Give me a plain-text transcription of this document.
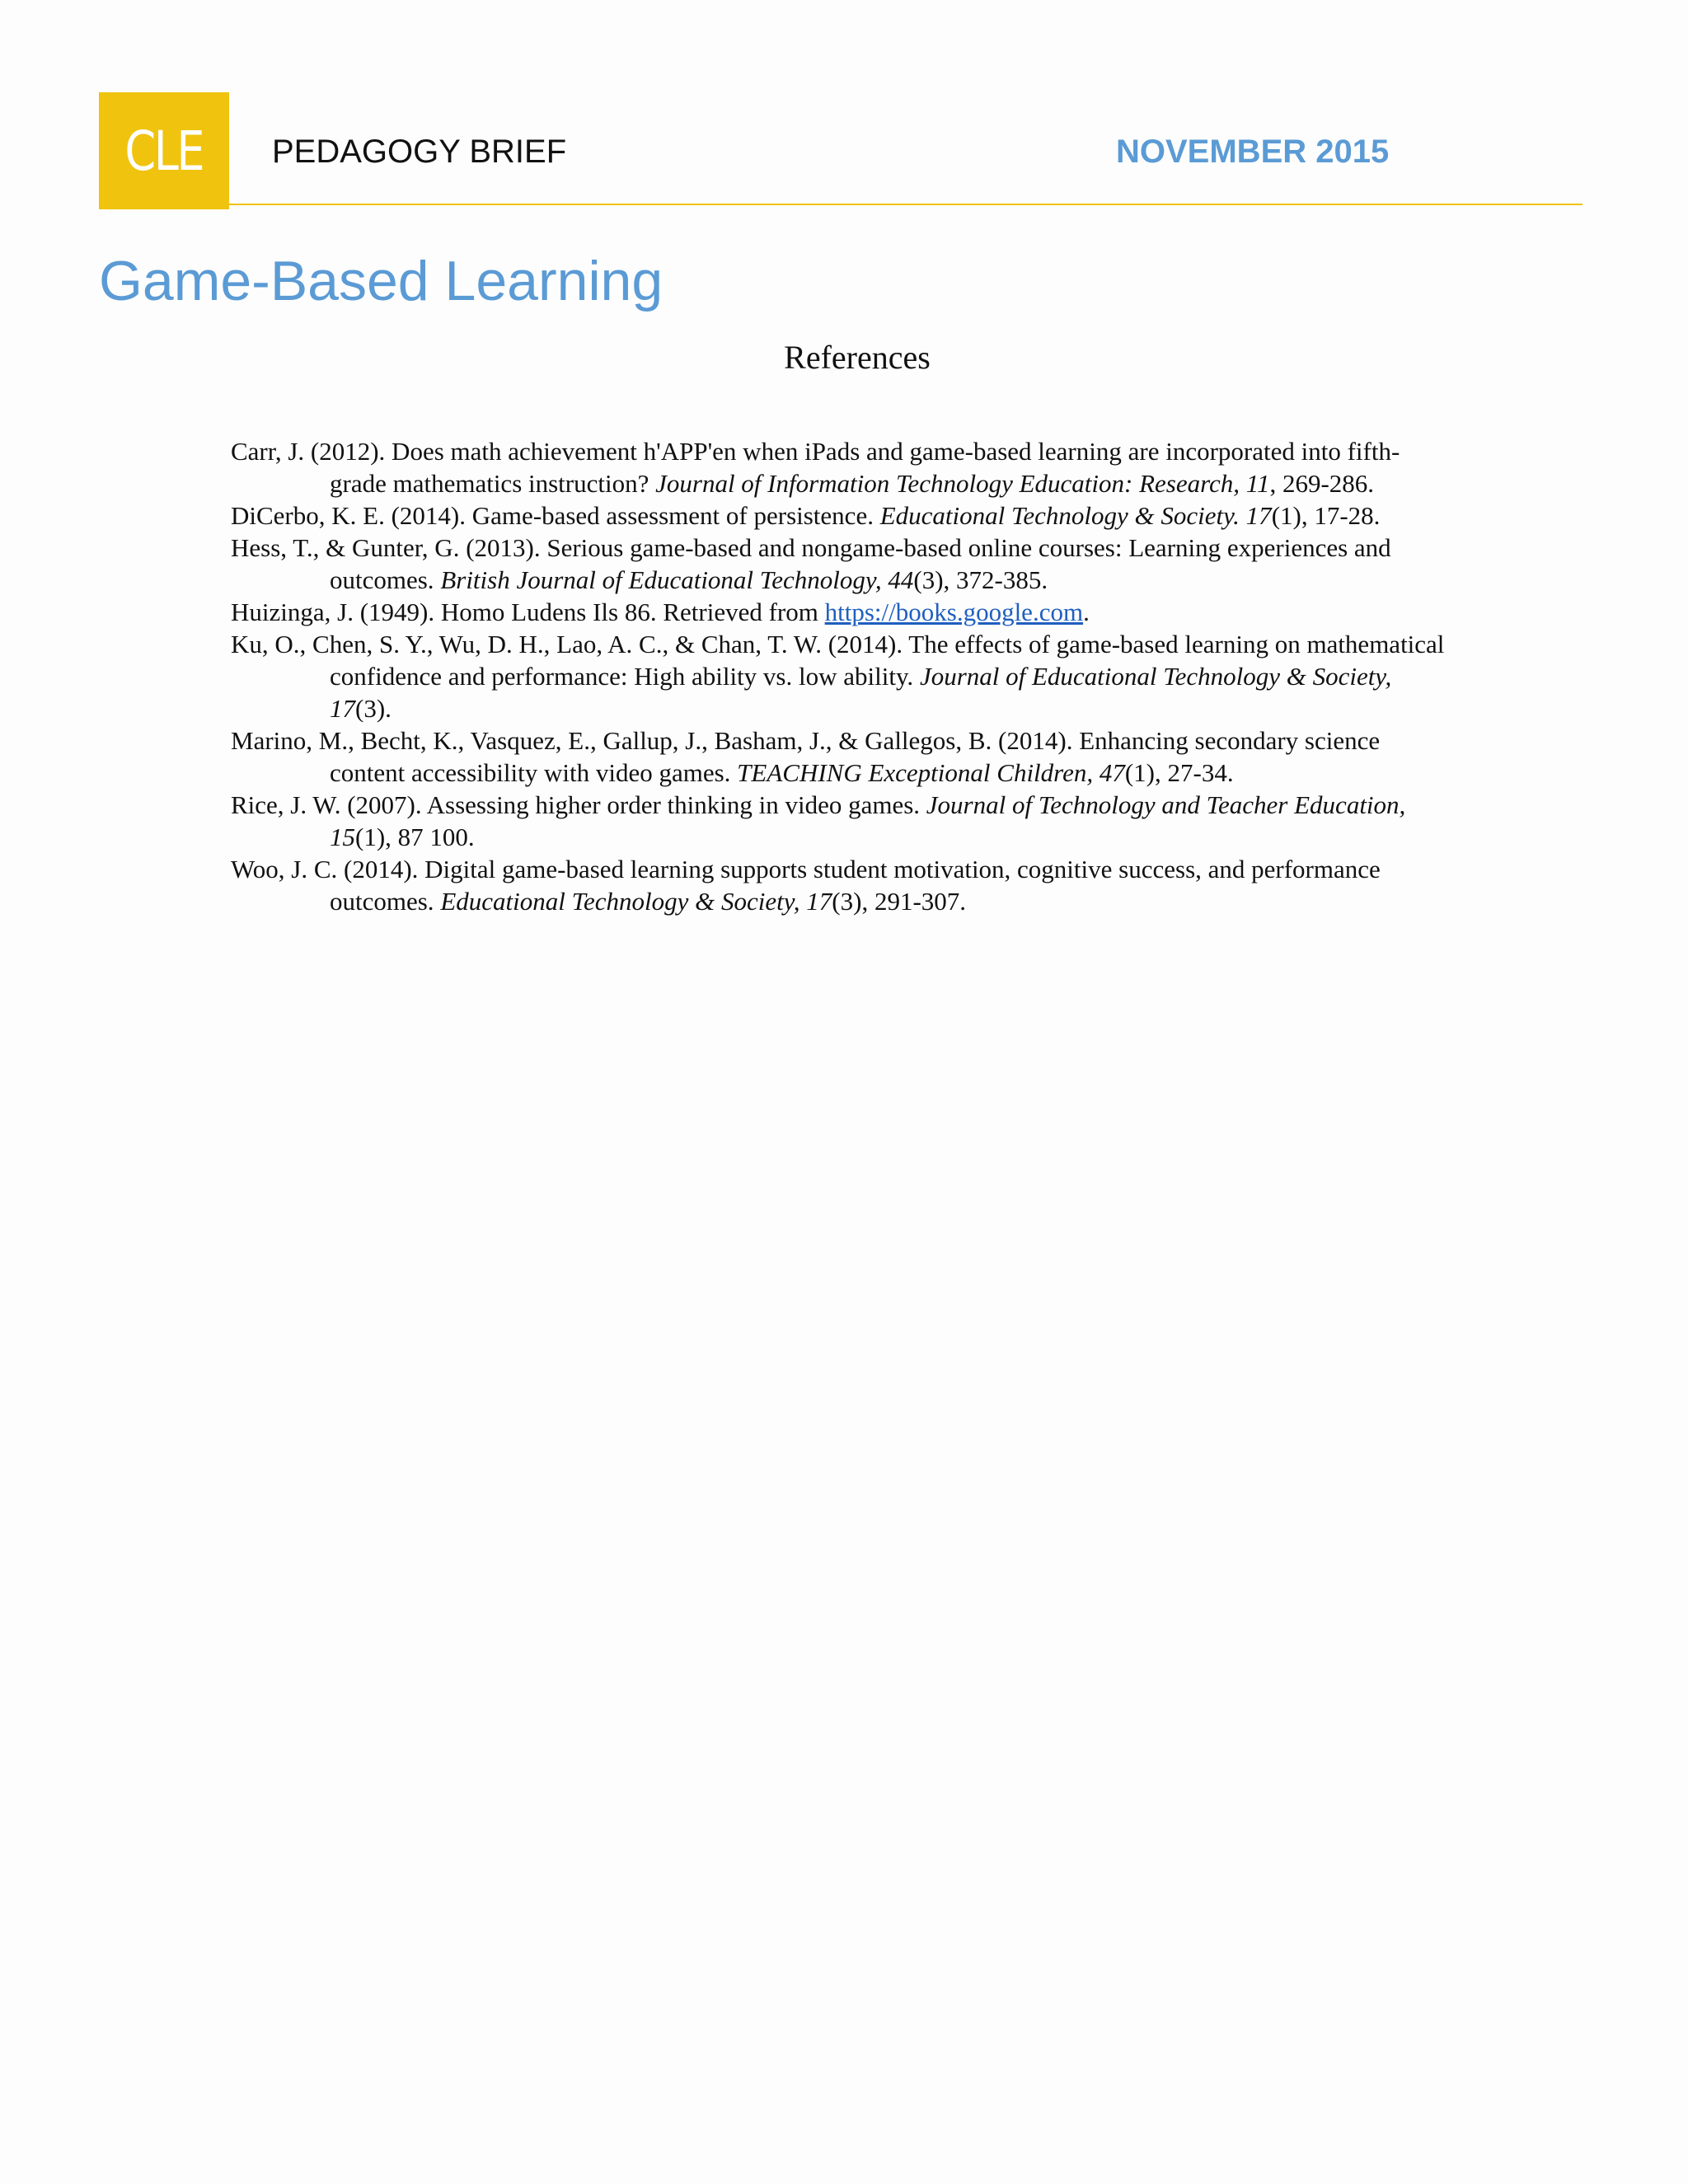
CLE PEDAGOGY BRIEF	NOVEMBER 2015
Game-Based Learning
References
Carr, J. (2012). Does math achievement h'APP'en when iPads and game-based learning are incorporated into fifth-grade mathematics instruction? Journal of Information Technology Education: Research, 11, 269-286.
DiCerbo, K. E. (2014). Game-based assessment of persistence. Educational Technology & Society. 17(1), 17-28.
Hess, T., & Gunter, G. (2013). Serious game‐based and nongame‐based online courses: Learning experiences and outcomes. British Journal of Educational Technology, 44(3), 372-385.
Huizinga, J. (1949). Homo Ludens Ils 86. Retrieved from https://books.google.com.
Ku, O., Chen, S. Y., Wu, D. H., Lao, A. C., & Chan, T. W. (2014). The effects of game-based learning on mathematical confidence and performance: High ability vs. low ability. Journal of Educational Technology & Society, 17(3).
Marino, M., Becht, K., Vasquez, E., Gallup, J., Basham, J., & Gallegos, B. (2014). Enhancing secondary science content accessibility with video games. TEACHING Exceptional Children, 47(1), 27-34.
Rice, J. W. (2007). Assessing higher order thinking in video games. Journal of Technology and Teacher Education, 15(1), 87 100.
Woo, J. C. (2014). Digital game-based learning supports student motivation, cognitive success, and performance outcomes. Educational Technology & Society, 17(3), 291-307.
